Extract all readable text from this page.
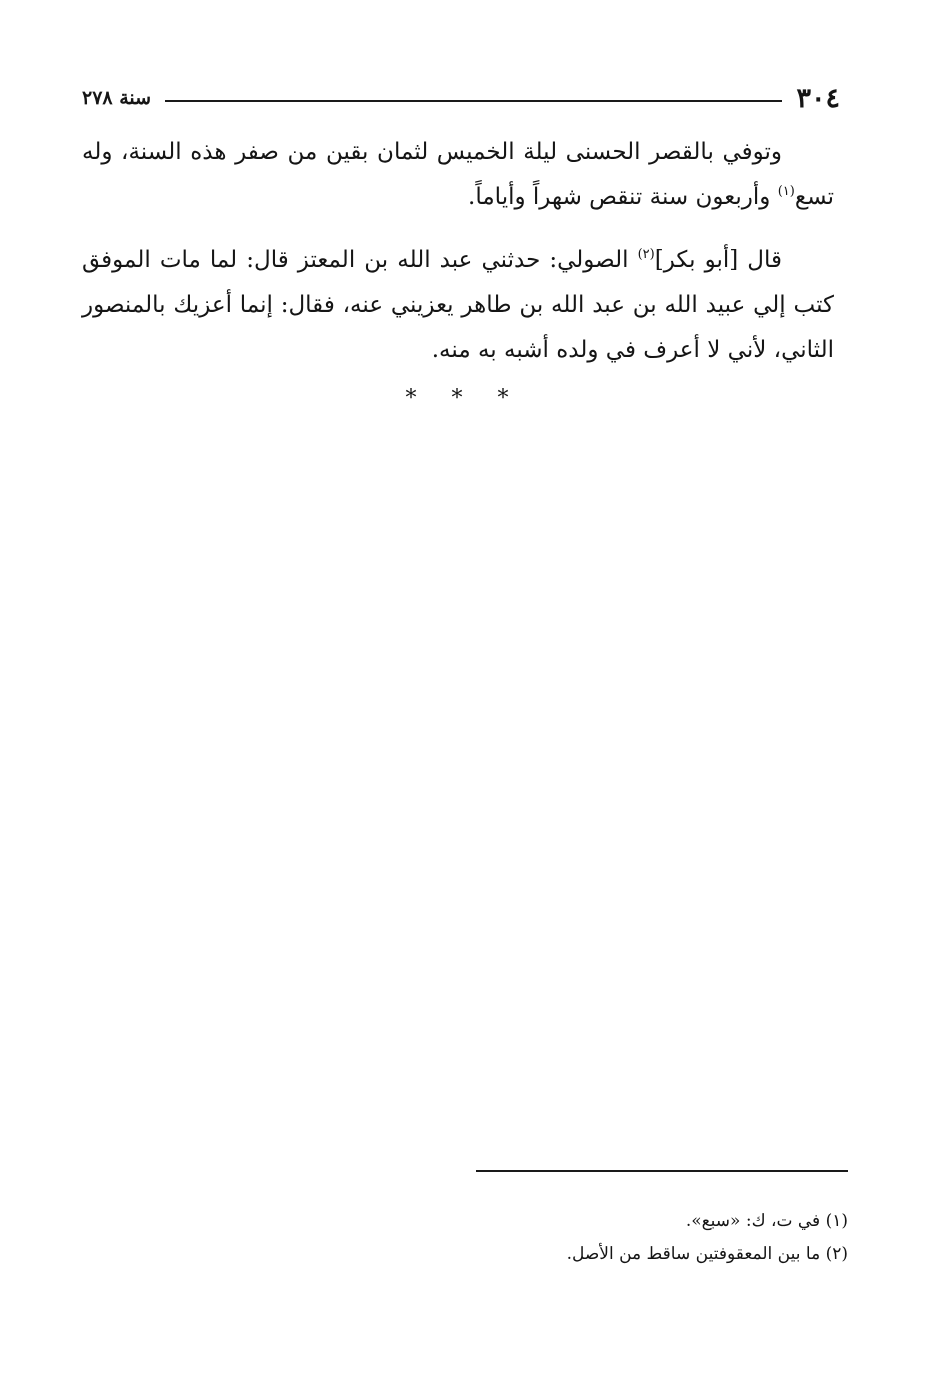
٣٠٤
سنة ٢٧٨

وتوفي بالقصر الحسنى ليلة الخميس لثمان بقين من صفر هذه السنة، وله تسع$^{(١)}$ وأربعون سنة تنقص شهراً وأياماً.

قال [أبو بكر]$^{(٢)}$ الصولي: حدثني عبد الله بن المعتز قال: لما مات الموفق كتب إلي عبيد الله بن عبد الله بن طاهر يعزيني عنه، فقال: إنما أعزيك بالمنصور الثاني، لأني لا أعرف في ولده أشبه به منه.

* * *

(١) في ت، ك: «سبع».

(٢) ما بين المعقوفتين ساقط من الأصل.
